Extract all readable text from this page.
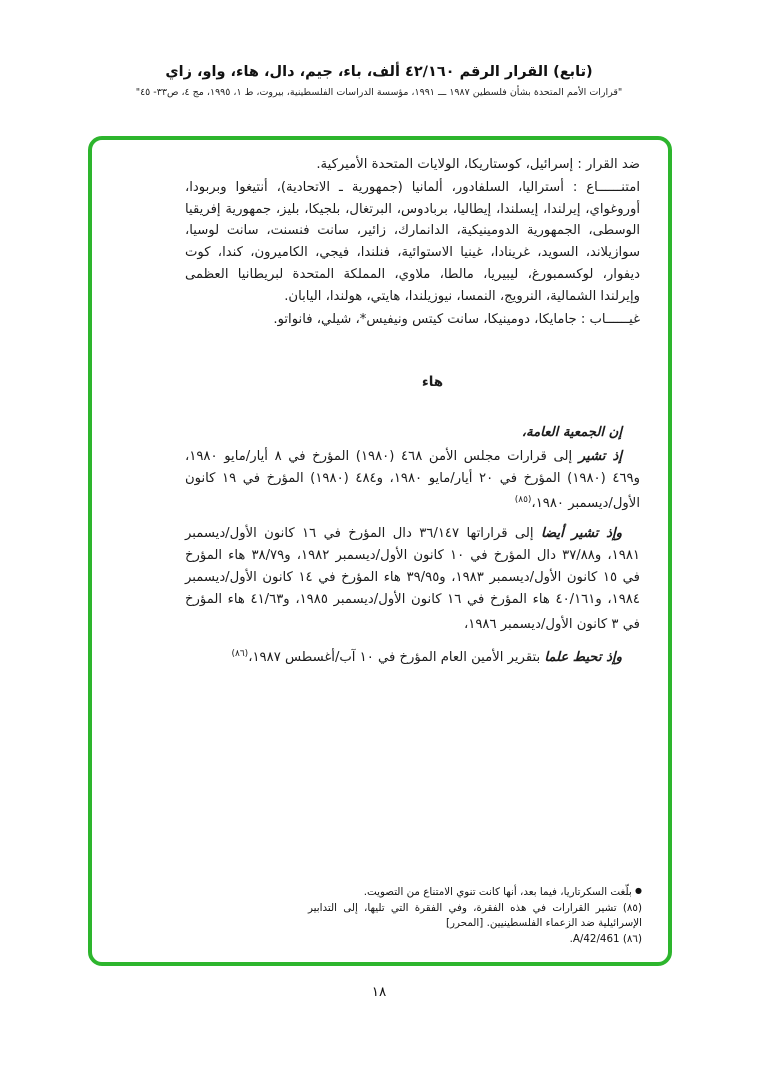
(تابع) القرار الرقم ٤٢/١٦٠ ألف، باء، جيم، دال، هاء، واو، زاي
"قرارات الأمم المتحدة بشأن فلسطين ١٩٨٧ ـــ ١٩٩١، مؤسسة الدراسات الفلسطينية، بيروت، ط ١، ١٩٩٥، مج ٤، ص٣٣- ٤٥"

ضد القرار : إسرائيل، كوستاريكا، الولايات المتحدة الأميركية.

امتنــــــاع : أستراليا، السلفادور، ألمانيا (جمهورية ـ الاتحادية)، أنتيغوا وبربودا، أوروغواي، إيرلندا، إيسلندا، إيطاليا، بربادوس، البرتغال، بلجيكا، بليز، جمهورية إفريقيا الوسطى، الجمهورية الدومينيكية، الدانمارك، زائير، سانت فنسنت، سانت لوسيا، سوازيلاند، السويد، غرينادا، غينيا الاستوائية، فنلندا، فيجي، الكاميرون، كندا، كوت ديفوار، لوكسمبورغ، ليبيريا، مالطا، ملاوي، المملكة المتحدة لبريطانيا العظمى وإيرلندا الشمالية، النرويج، النمسا، نيوزيلندا، هايتي، هولندا، اليابان.

غيــــــاب : جامايكا، دومينيكا، سانت كيتس ونيفيس*، شيلي، فانواتو.

هاء

إن الجمعية العامة،

إذ تشير إلى قرارات مجلس الأمن ٤٦٨ (١٩٨٠) المؤرخ في ٨ أيار/مايو ١٩٨٠، و٤٦٩ (١٩٨٠) المؤرخ في ٢٠ أيار/مايو ١٩٨٠، و٤٨٤ (١٩٨٠) المؤرخ في ١٩ كانون الأول/ديسمبر ١٩٨٠،$^{(٨٥)}$

وإذ تشير أيضا إلى قراراتها ٣٦/١٤٧ دال المؤرخ في ١٦ كانون الأول/ديسمبر ١٩٨١، و٣٧/٨٨ دال المؤرخ في ١٠ كانون الأول/ديسمبر ١٩٨٢، و٣٨/٧٩ هاء المؤرخ في ١٥ كانون الأول/ديسمبر ١٩٨٣، و٣٩/٩٥ هاء المؤرخ في ١٤ كانون الأول/ديسمبر ١٩٨٤، و٤٠/١٦١ هاء المؤرخ في ١٦ كانون الأول/ديسمبر ١٩٨٥، و٤١/٦٣ هاء المؤرخ في ٣ كانون الأول/ديسمبر ١٩٨٦،

وإذ تحيط علما بتقرير الأمين العام المؤرخ في ١٠ آب/أغسطس ١٩٨٧،$^{(٨٦)}$

● بلّغت السكرتاريا، فيما بعد، أنها كانت تنوي الامتناع من التصويت.

(٨٥) تشير القرارات في هذه الفقرة، وفي الفقرة التي تليها، إلى التدابير الإسرائيلية ضد الزعماء الفلسطينيين. [المحرر]

(٨٦) A/42/461.

١٨
